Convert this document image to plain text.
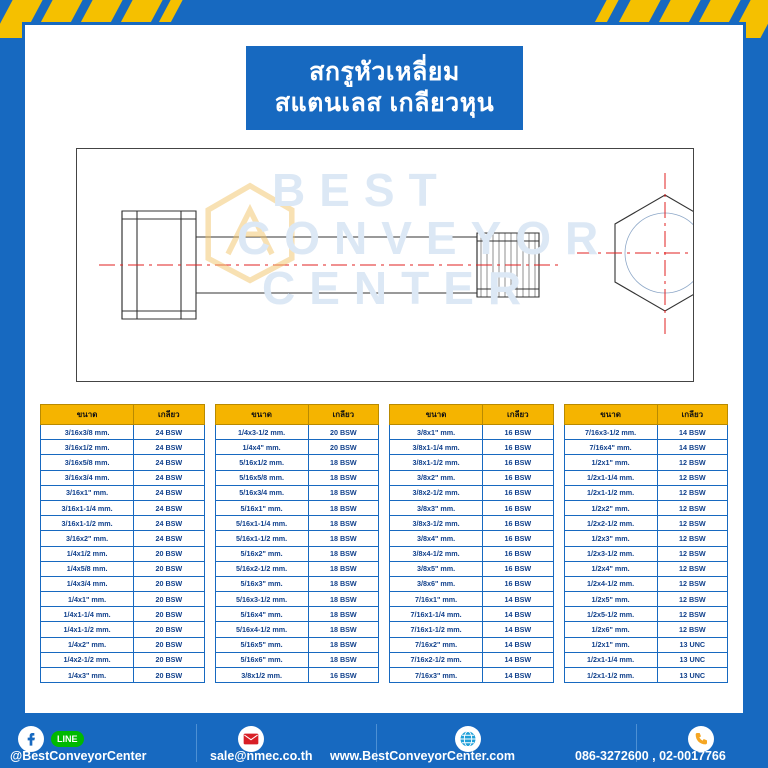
สกรูหัวเหลี่ยม
สแตนเลส เกลียวหุน
BEST
CONVEYOR
CENTER
ขนาด	เกลียว
3/16x3/8 mm.	24 BSW
3/16x1/2 mm.	24 BSW
3/16x5/8 mm.	24 BSW
3/16x3/4 mm.	24 BSW
3/16x1" mm.	24 BSW
3/16x1-1/4 mm.	24 BSW
3/16x1-1/2 mm.	24 BSW
3/16x2" mm.	24 BSW
1/4x1/2 mm.	20 BSW
1/4x5/8 mm.	20 BSW
1/4x3/4 mm.	20 BSW
1/4x1" mm.	20 BSW
1/4x1-1/4 mm.	20 BSW
1/4x1-1/2 mm.	20 BSW
1/4x2" mm.	20 BSW
1/4x2-1/2 mm.	20 BSW
1/4x3" mm.	20 BSW
ขนาด	เกลียว
1/4x3-1/2 mm.	20 BSW
1/4x4" mm.	20 BSW
5/16x1/2 mm.	18 BSW
5/16x5/8 mm.	18 BSW
5/16x3/4 mm.	18 BSW
5/16x1" mm.	18 BSW
5/16x1-1/4 mm.	18 BSW
5/16x1-1/2 mm.	18 BSW
5/16x2" mm.	18 BSW
5/16x2-1/2 mm.	18 BSW
5/16x3" mm.	18 BSW
5/16x3-1/2 mm.	18 BSW
5/16x4" mm.	18 BSW
5/16x4-1/2 mm.	18 BSW
5/16x5" mm.	18 BSW
5/16x6" mm.	18 BSW
3/8x1/2 mm.	16 BSW
ขนาด	เกลียว
3/8x1" mm.	16 BSW
3/8x1-1/4 mm.	16 BSW
3/8x1-1/2 mm.	16 BSW
3/8x2" mm.	16 BSW
3/8x2-1/2 mm.	16 BSW
3/8x3" mm.	16 BSW
3/8x3-1/2 mm.	16 BSW
3/8x4" mm.	16 BSW
3/8x4-1/2 mm.	16 BSW
3/8x5" mm.	16 BSW
3/8x6" mm.	16 BSW
7/16x1" mm.	14 BSW
7/16x1-1/4 mm.	14 BSW
7/16x1-1/2 mm.	14 BSW
7/16x2" mm.	14 BSW
7/16x2-1/2 mm.	14 BSW
7/16x3" mm.	14 BSW
ขนาด	เกลียว
7/16x3-1/2 mm.	14 BSW
7/16x4" mm.	14 BSW
1/2x1" mm.	12 BSW
1/2x1-1/4 mm.	12 BSW
1/2x1-1/2 mm.	12 BSW
1/2x2" mm.	12 BSW
1/2x2-1/2 mm.	12 BSW
1/2x3" mm.	12 BSW
1/2x3-1/2 mm.	12 BSW
1/2x4" mm.	12 BSW
1/2x4-1/2 mm.	12 BSW
1/2x5" mm.	12 BSW
1/2x5-1/2 mm.	12 BSW
1/2x6" mm.	12 BSW
1/2x1" mm.	13 UNC
1/2x1-1/4 mm.	13 UNC
1/2x1-1/2 mm.	13 UNC
LINE
@BestConveyorCenter	sale@nmec.co.th www.BestConveyorCenter.com	086-3272600 , 02-0017766
